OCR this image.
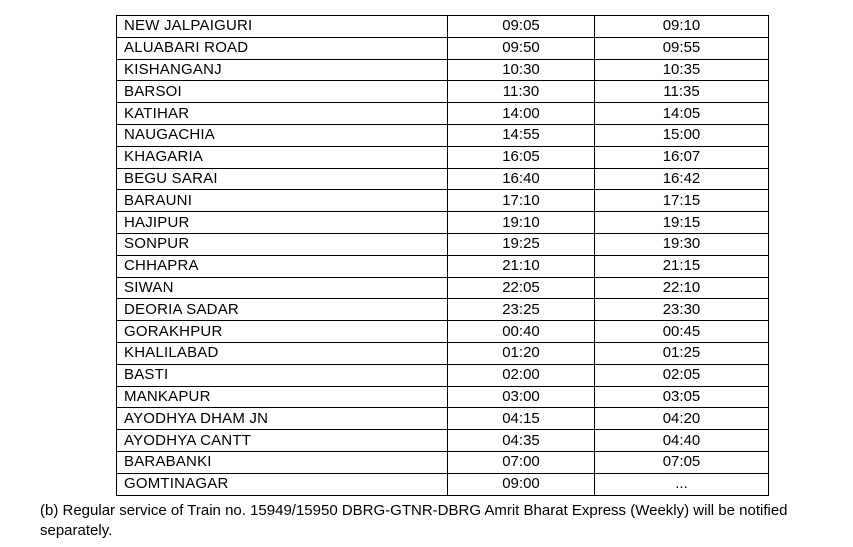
NEW JALPAIGURI	09:05	09:10
ALUABARI ROAD	09:50	09:55
KISHANGANJ	10:30	10:35
BARSOI	11:30	11:35
KATIHAR	14:00	14:05
NAUGACHIA	14:55	15:00
KHAGARIA	16:05	16:07
BEGU SARAI	16:40	16:42
BARAUNI	17:10	17:15
HAJIPUR	19:10	19:15
SONPUR	19:25	19:30
CHHAPRA	21:10	21:15
SIWAN	22:05	22:10
DEORIA SADAR	23:25	23:30
GORAKHPUR	00:40	00:45
KHALILABAD	01:20	01:25
BASTI	02:00	02:05
MANKAPUR	03:00	03:05
AYODHYA DHAM JN	04:15	04:20
AYODHYA CANTT	04:35	04:40
BARABANKI	07:00	07:05
GOMTINAGAR	09:00	...
(b) Regular service of Train no. 15949/15950 DBRG-GTNR-DBRG Amrit Bharat Express (Weekly) will be notified separately.
